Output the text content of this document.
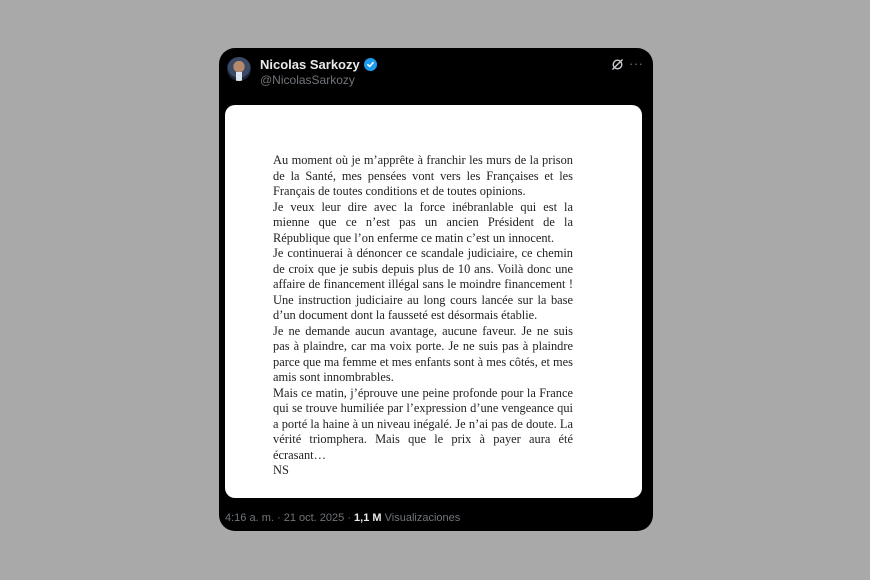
Nicolas Sarkozy
@NicolasSarkozy

Au moment où je m’apprête à franchir les murs de la prison de la Santé, mes pensées vont vers les Françaises et les Français de toutes conditions et de toutes opinions.

Je veux leur dire avec la force inébranlable qui est la mienne que ce n’est pas un ancien Président de la République que l’on enferme ce matin c’est un innocent.

Je continuerai à dénoncer ce scandale judiciaire, ce chemin de croix que je subis depuis plus de 10 ans. Voilà donc une affaire de financement illégal sans le moindre financement ! Une instruction judiciaire au long cours lancée sur la base d’un document dont la fausseté est désormais établie.

Je ne demande aucun avantage, aucune faveur. Je ne suis pas à plaindre, car ma voix porte. Je ne suis pas à plaindre parce que ma femme et mes enfants sont à mes côtés, et mes amis sont innombrables.

Mais ce matin, j’éprouve une peine profonde pour la France qui se trouve humiliée par l’expression d’une vengeance qui a porté la haine à un niveau inégalé. Je n’ai pas de doute. La vérité triomphera. Mais que le prix à payer aura été écrasant…

NS

4:16 a. m. · 21 oct. 2025 · 1,1 M Visualizaciones
···
